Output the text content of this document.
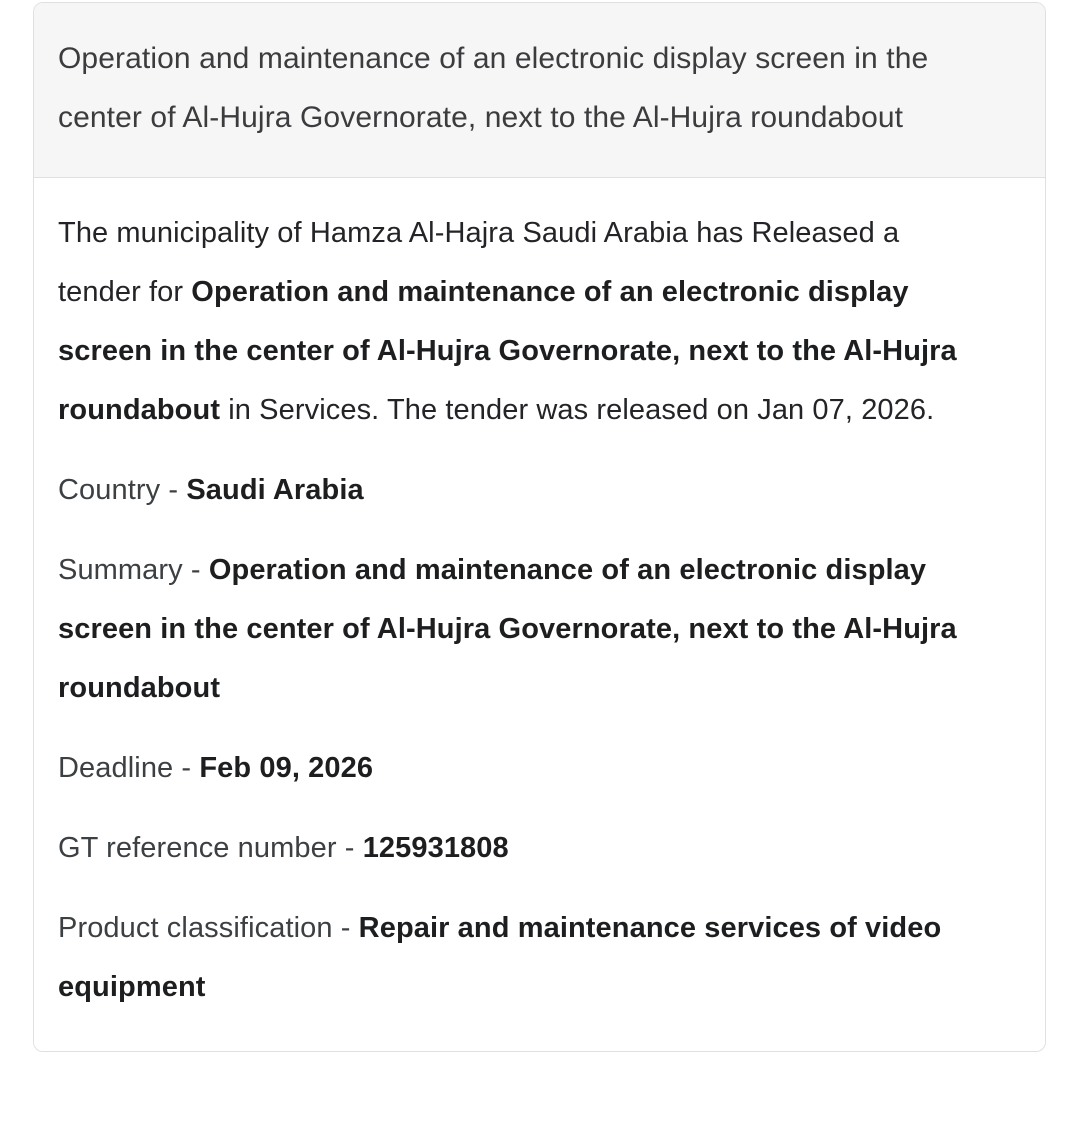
Operation and maintenance of an electronic display screen in the center of Al-Hujra Governorate, next to the Al-Hujra roundabout

The municipality of Hamza Al-Hajra Saudi Arabia has Released a tender for Operation and maintenance of an electronic display screen in the center of Al-Hujra Governorate, next to the Al-Hujra roundabout in Services. The tender was released on Jan 07, 2026.

Country - Saudi Arabia

Summary - Operation and maintenance of an electronic display screen in the center of Al-Hujra Governorate, next to the Al-Hujra roundabout

Deadline - Feb 09, 2026

GT reference number - 125931808

Product classification - Repair and maintenance services of video equipment
